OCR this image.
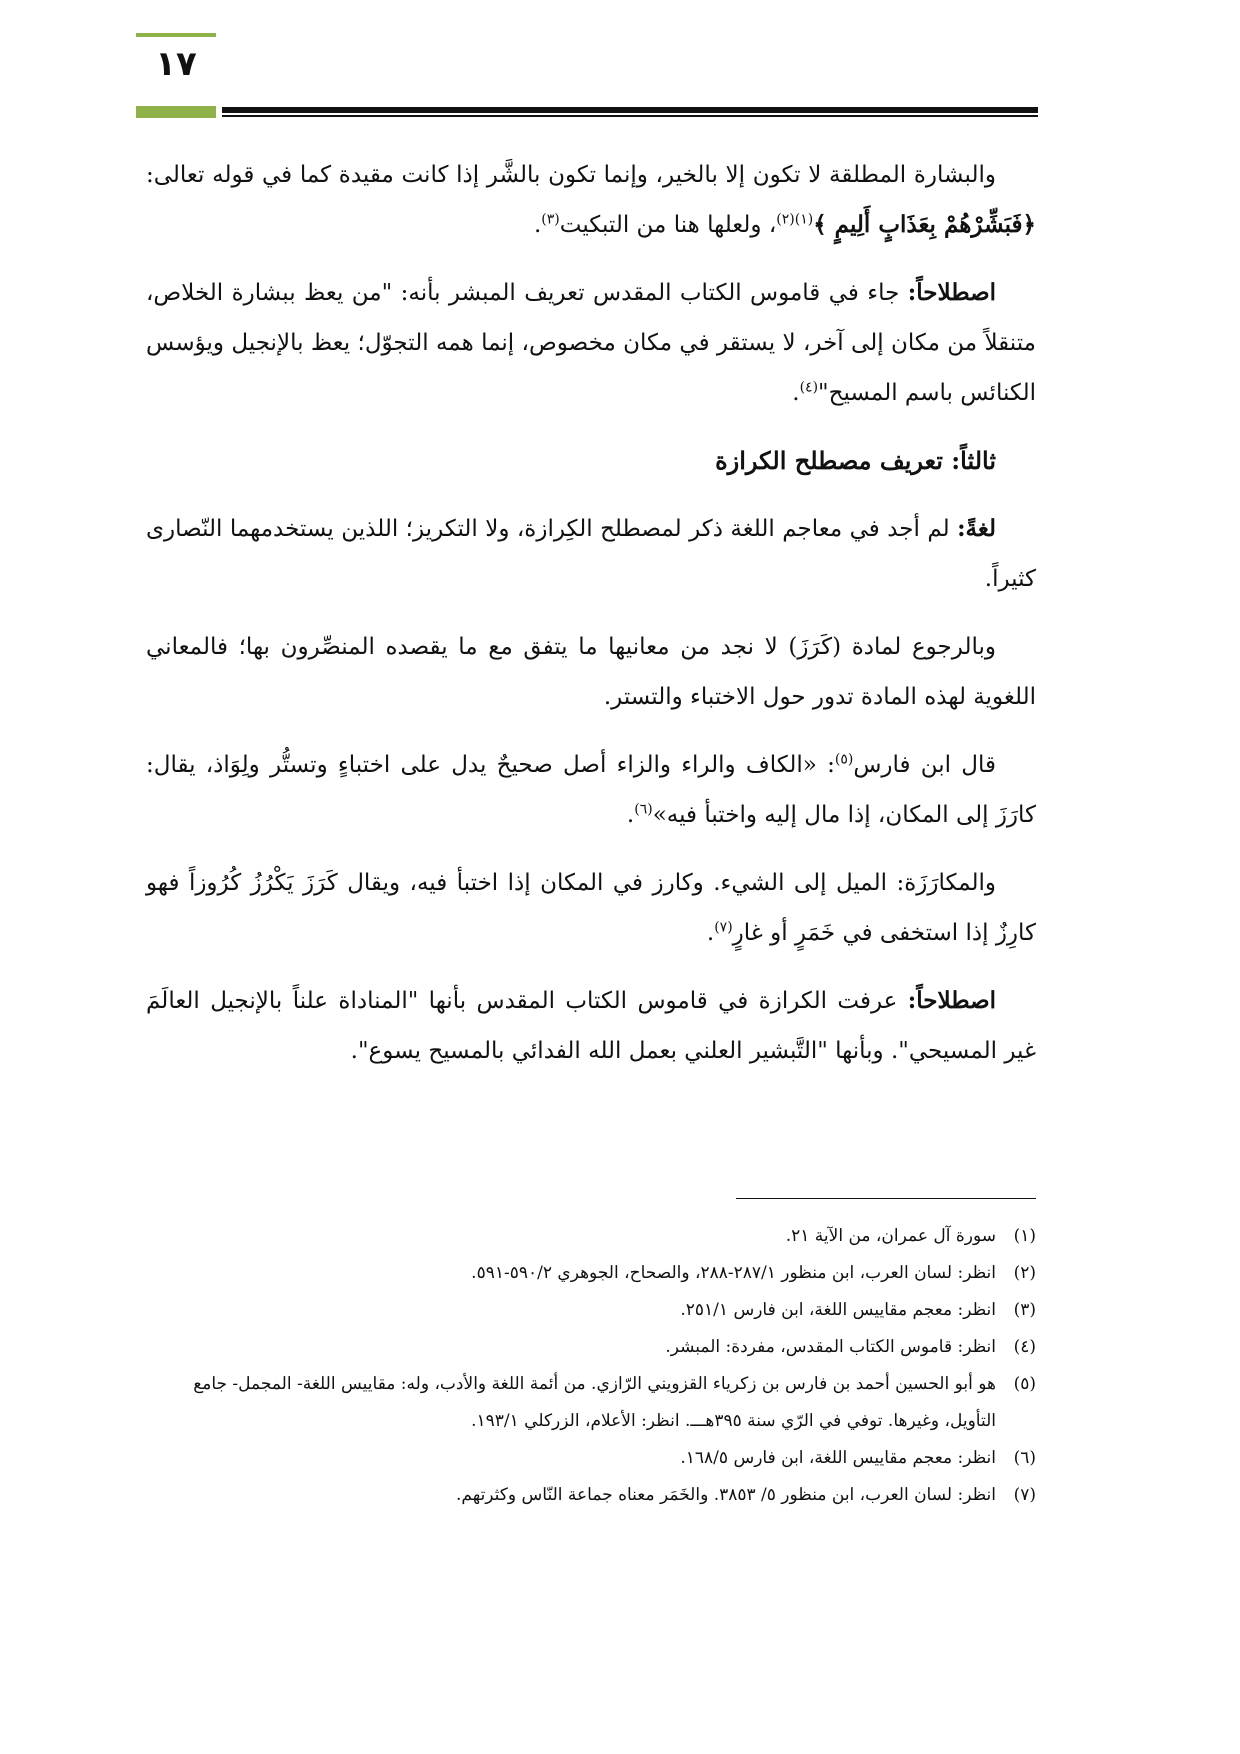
١٧

والبشارة المطلقة لا تكون إلا بالخير، وإنما تكون بالشَّر إذا كانت مقيدة كما في قوله تعالى: ﴿فَبَشِّرْهُمْ بِعَذَابٍ أَلِيمٍ ﴾$^{(١)(٢)}$، ولعلها هنا من التبكيت$^{(٣)}$.

اصطلاحاً: جاء في قاموس الكتاب المقدس تعريف المبشر بأنه: "من يعظ ببشارة الخلاص، متنقلاً من مكان إلى آخر، لا يستقر في مكان مخصوص، إنما همه التجوّل؛ يعظ بالإنجيل ويؤسس الكنائس باسم المسيح"$^{(٤)}$.

ثالثاً: تعريف مصطلح الكرازة

لغةً: لم أجد في معاجم اللغة ذكر لمصطلح الكِرازة، ولا التكريز؛ اللذين يستخدمهما النّصارى كثيراً.

وبالرجوع لمادة (كَرَزَ) لا نجد من معانيها ما يتفق مع ما يقصده المنصِّرون بها؛ فالمعاني اللغوية لهذه المادة تدور حول الاختباء والتستر.

قال ابن فارس$^{(٥)}$: «الكاف والراء والزاء أصل صحيحٌ يدل على اختباءٍ وتستُّر ولِوَاذ، يقال: كارَزَ إلى المكان، إذا مال إليه واختبأ فيه»$^{(٦)}$.

والمكارَزَة: الميل إلى الشيء. وكارز في المكان إذا اختبأ فيه، ويقال كَرَزَ يَكْرُزُ كُرُوزاً فهو كارِزٌ إذا استخفى في خَمَرٍ أو غارٍ$^{(٧)}$.

اصطلاحاً: عرفت الكرازة في قاموس الكتاب المقدس بأنها "المناداة علناً بالإنجيل العالَمَ غير المسيحي". وبأنها "التَّبشير العلني بعمل الله الفدائي بالمسيح يسوع".

(١)
سورة آل عمران، من الآية ٢١.
(٢)
انظر: لسان العرب، ابن منظور ٢٨٧/١-٢٨٨، والصحاح، الجوهري ٥٩٠/٢-٥٩١.
(٣)
انظر: معجم مقاييس اللغة، ابن فارس ٢٥١/١.
(٤)
انظر: قاموس الكتاب المقدس، مفردة: المبشر.
(٥)
هو أبو الحسين أحمد بن فارس بن زكرياء القزويني الرّازي. من أئمة اللغة والأدب، وله: مقاييس اللغة- المجمل- جامع التأويل، وغيرها. توفي في الرّي سنة ٣٩٥هـــ. انظر: الأعلام، الزركلي ١٩٣/١.
(٦)
انظر: معجم مقاييس اللغة، ابن فارس ١٦٨/٥.
(٧)
انظر: لسان العرب، ابن منظور ٥/ ٣٨٥٣. والخَمَر معناه جماعة النّاس وكثرتهم.
